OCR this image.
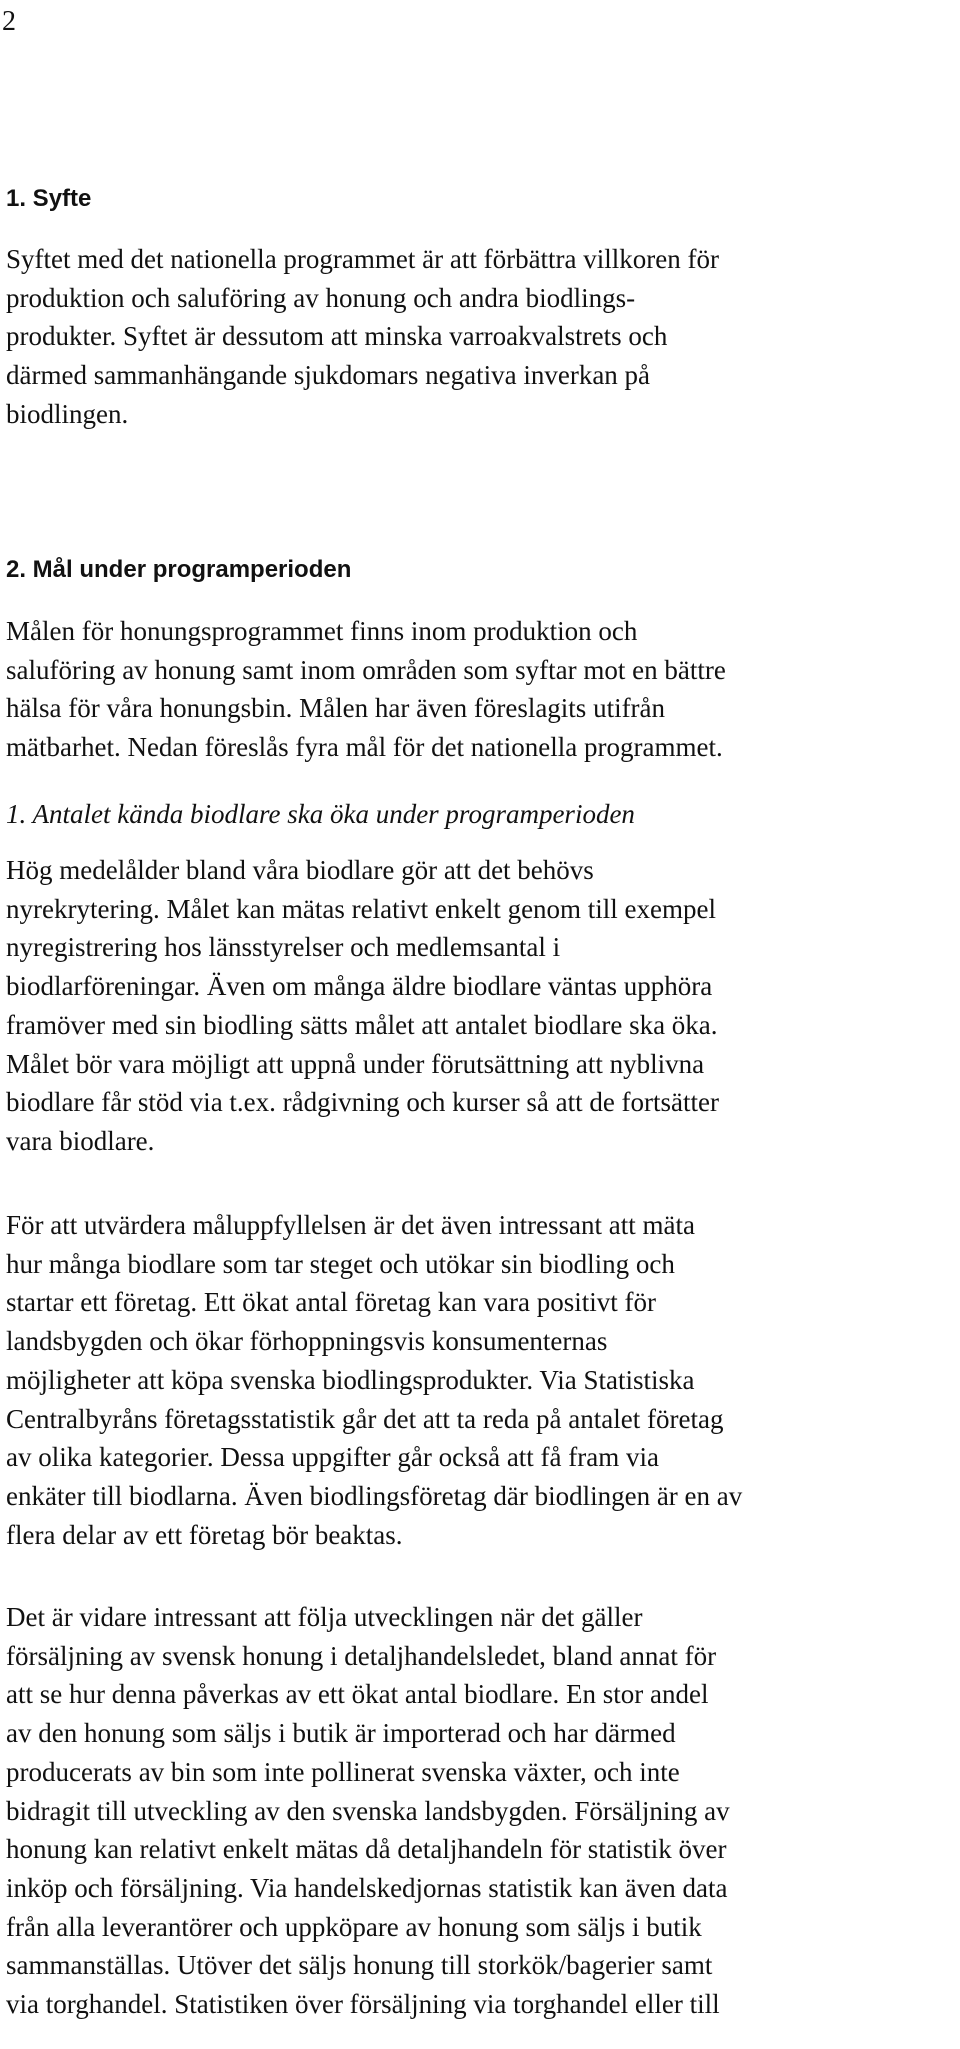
2
1. Syfte

Syftet med det nationella programmet är att förbättra villkoren för
produktion och saluföring av honung och andra biodlings-
produkter. Syftet är dessutom att minska varroakvalstrets och
därmed sammanhängande sjukdomars negativa inverkan på
biodlingen.

2. Mål under programperioden

Målen för honungsprogrammet finns inom produktion och
saluföring av honung samt inom områden som syftar mot en bättre
hälsa för våra honungsbin. Målen har även föreslagits utifrån
mätbarhet. Nedan föreslås fyra mål för det nationella programmet.

1. Antalet kända biodlare ska öka under programperioden

Hög medelålder bland våra biodlare gör att det behövs
nyrekrytering. Målet kan mätas relativt enkelt genom till exempel
nyregistrering hos länsstyrelser och medlemsantal i
biodlarföreningar. Även om många äldre biodlare väntas upphöra
framöver med sin biodling sätts målet att antalet biodlare ska öka.
Målet bör vara möjligt att uppnå under förutsättning att nyblivna
biodlare får stöd via t.ex. rådgivning och kurser så att de fortsätter
vara biodlare.

För att utvärdera måluppfyllelsen är det även intressant att mäta
hur många biodlare som tar steget och utökar sin biodling och
startar ett företag. Ett ökat antal företag kan vara positivt för
landsbygden och ökar förhoppningsvis konsumenternas
möjligheter att köpa svenska biodlingsprodukter. Via Statistiska
Centralbyråns företagsstatistik går det att ta reda på antalet företag
av olika kategorier. Dessa uppgifter går också att få fram via
enkäter till biodlarna. Även biodlingsföretag där biodlingen är en av
flera delar av ett företag bör beaktas.

Det är vidare intressant att följa utvecklingen när det gäller
försäljning av svensk honung i detaljhandelsledet, bland annat för
att se hur denna påverkas av ett ökat antal biodlare. En stor andel
av den honung som säljs i butik är importerad och har därmed
producerats av bin som inte pollinerat svenska växter, och inte
bidragit till utveckling av den svenska landsbygden. Försäljning av
honung kan relativt enkelt mätas då detaljhandeln för statistik över
inköp och försäljning. Via handelskedjornas statistik kan även data
från alla leverantörer och uppköpare av honung som säljs i butik
sammanställas. Utöver det säljs honung till storkök/bagerier samt
via torghandel. Statistiken över försäljning via torghandel eller till
